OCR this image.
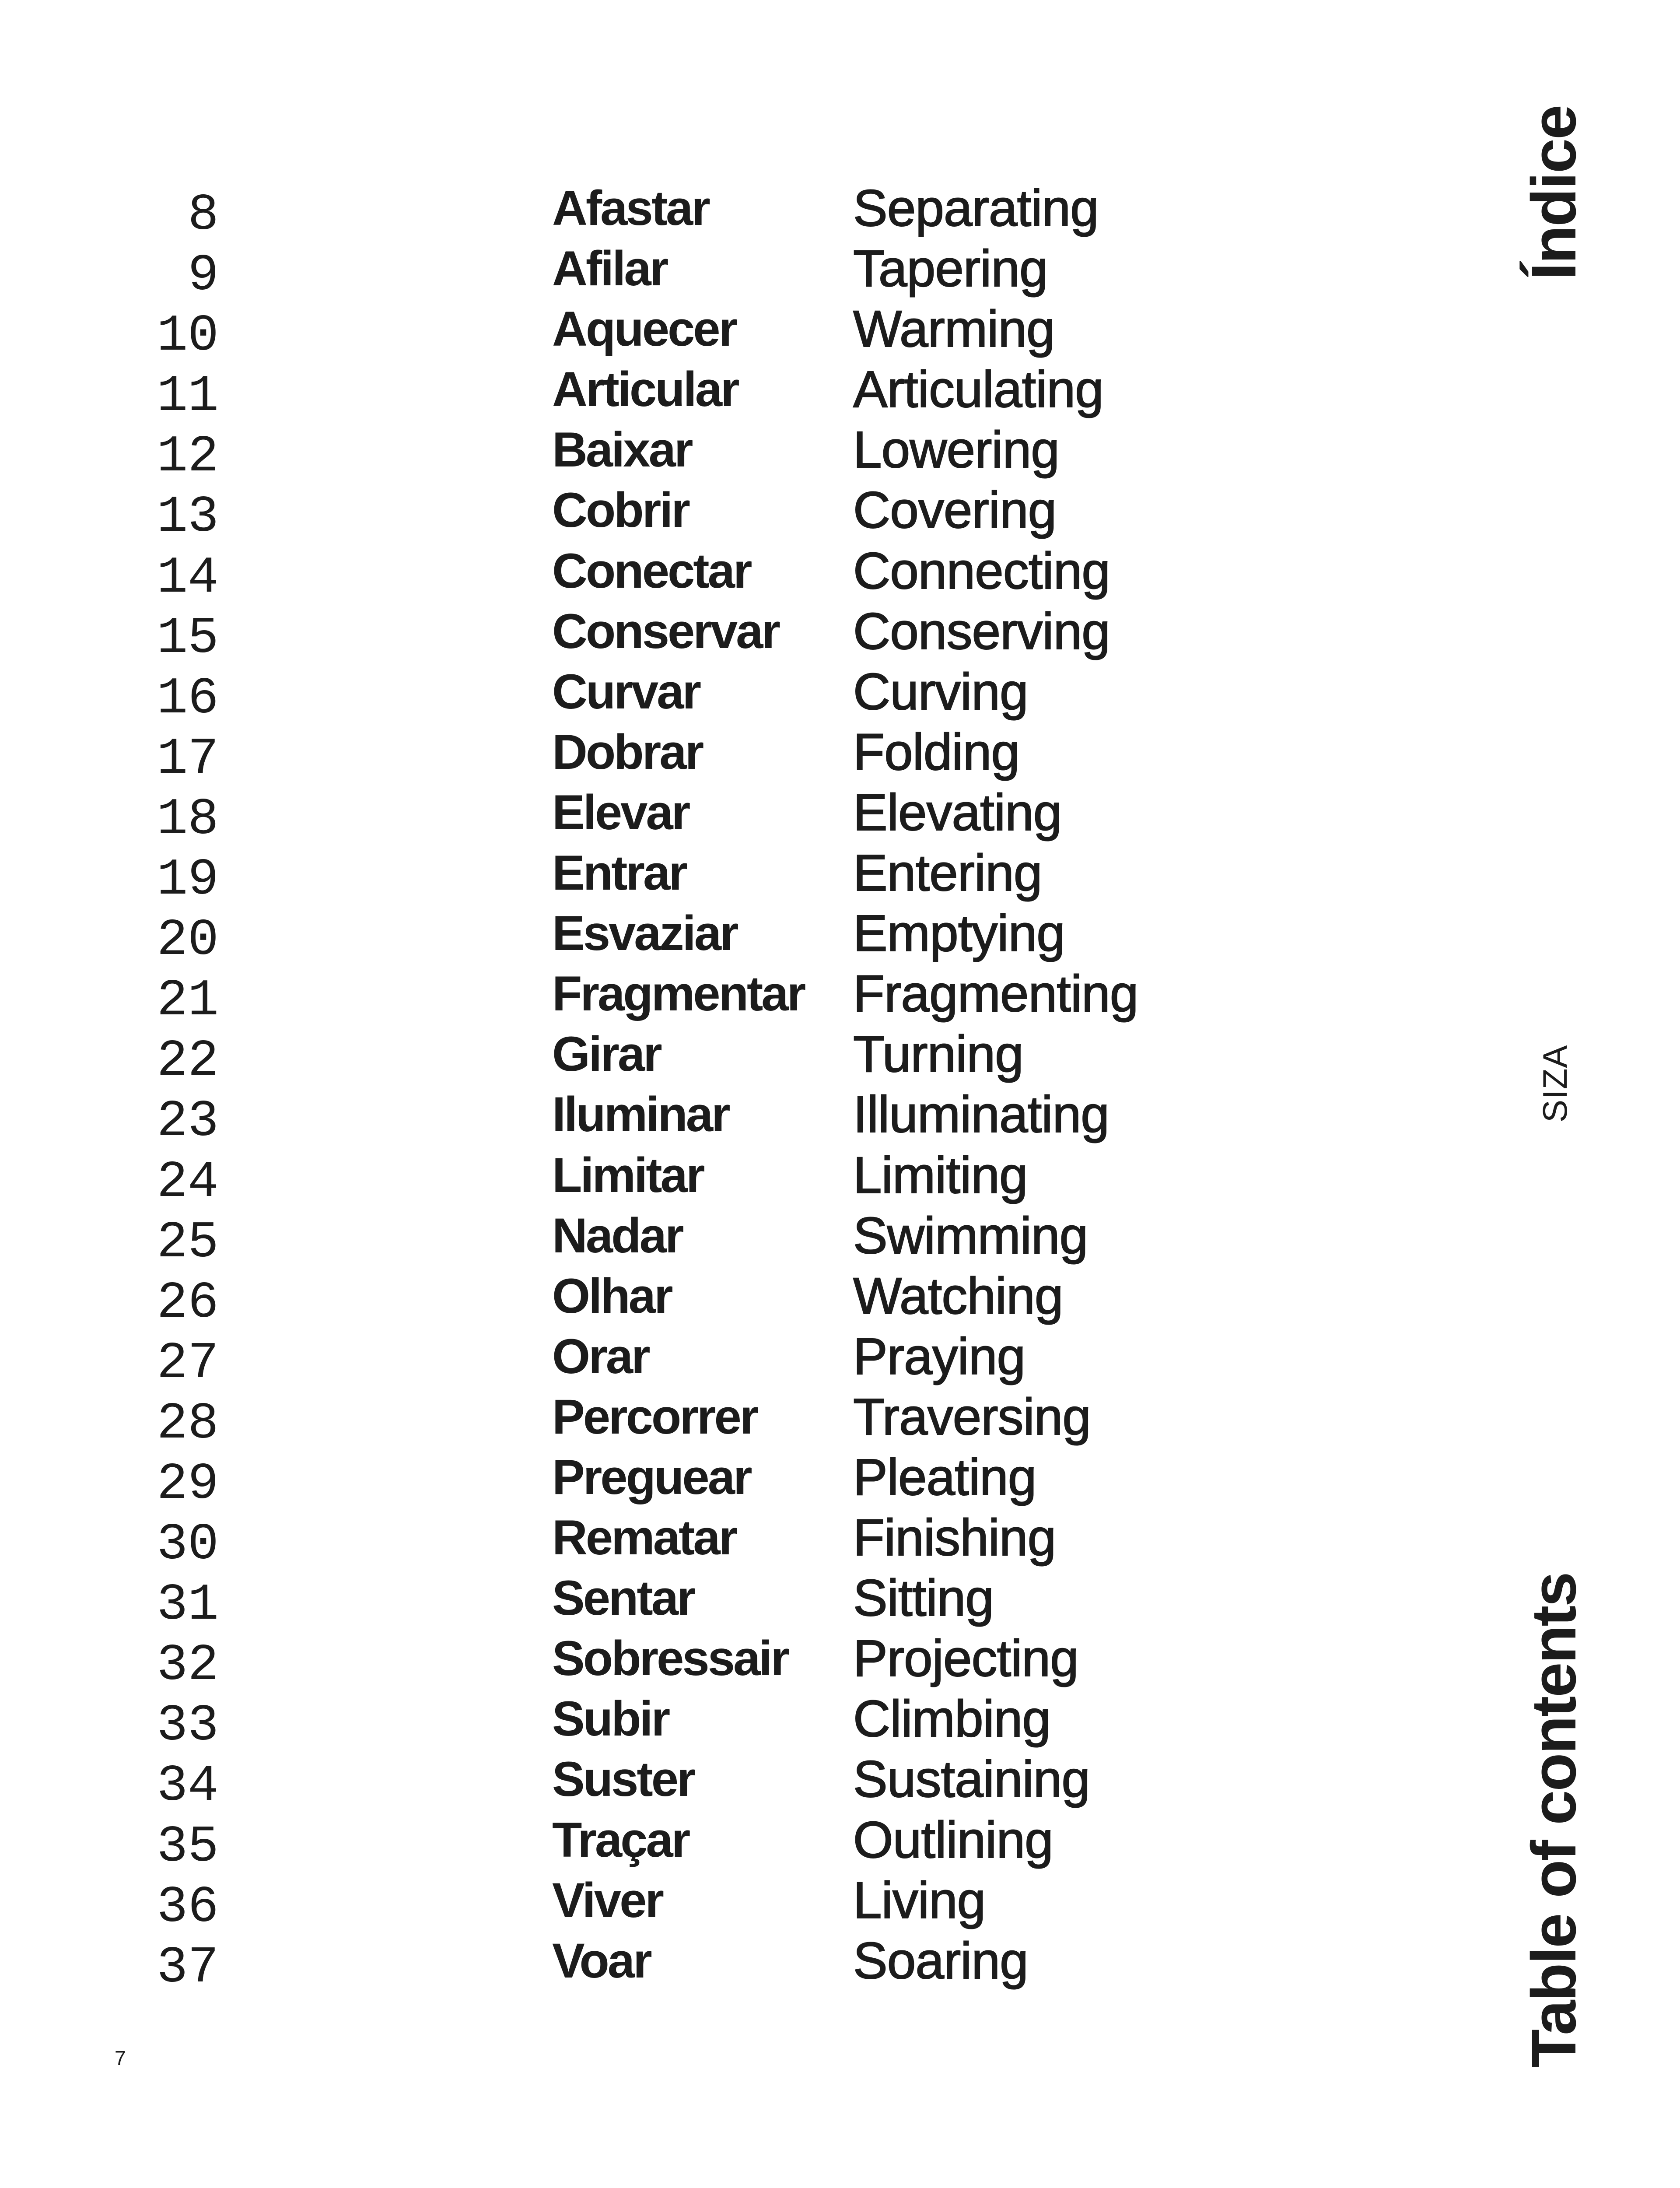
8	Afastar	Separating
9	Afilar	Tapering
10	Aquecer Warming
11	Articular Articulating
12	Baixar	Lowering
13	Cobrir	Covering
14	Conectar Connecting
15	Conservar Conserving
16	Curvar	Curving
17	Dobrar	Folding
18	Elevar	Elevating
19	Entrar	Entering
20	Esvaziar Emptying
21	Fragmentar Fragmenting
22	Girar	Turning
23	Iluminar Illuminating
24	Limitar	Limiting
25	Nadar	Swimming
26	Olhar	Watching
27	Orar	Praying
28	Percorrer Traversing
29	Preguear Pleating
30	Rematar Finishing
31	Sentar	Sitting
32	Sobressair Projecting
33	Subir	Climbing
34	Suster	Sustaining
35	Traçar	Outlining
36	Viver	Living
37	Voar	Soaring
Índice
SIZA
Table of contents
7
